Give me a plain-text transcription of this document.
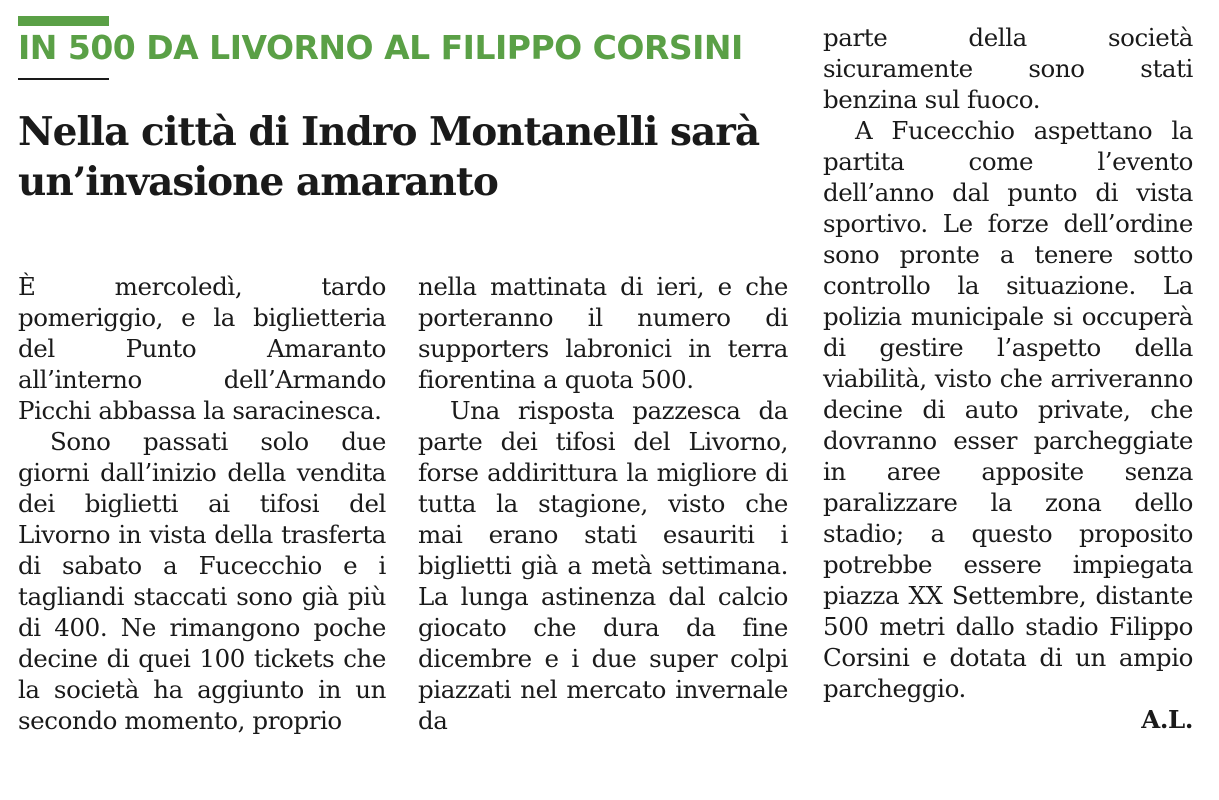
IN 500 DA LIVORNO AL FILIPPO CORSINI
Nella città di Indro Montanelli sarà un’invasione amaranto

È mercoledì, tardo pomeriggio, e la biglietteria del Punto Amaranto all’interno dell’Armando Picchi abbassa la saracinesca.

Sono passati solo due giorni dall’inizio della vendita dei biglietti ai tifosi del Livorno in vista della trasferta di sabato a Fucecchio e i tagliandi staccati sono già più di 400. Ne rimangono poche decine di quei 100 tickets che la società ha aggiunto in un secondo momento, proprio

nella mattinata di ieri, e che porteranno il numero di supporters labronici in terra fiorentina a quota 500.

Una risposta pazzesca da parte dei tifosi del Livorno, forse addirittura la migliore di tutta la stagione, visto che mai erano stati esauriti i biglietti già a metà settimana. La lunga astinenza dal calcio giocato che dura da fine dicembre e i due super colpi piazzati nel mercato invernale da

parte della società sicuramente sono stati benzina sul fuoco.

A Fucecchio aspettano la partita come l’evento dell’anno dal punto di vista sportivo. Le forze dell’ordine sono pronte a tenere sotto controllo la situazione. La polizia municipale si occuperà di gestire l’aspetto della viabilità, visto che arriveranno decine di auto private, che dovranno esser parcheggiate in aree apposite senza paralizzare la zona dello stadio; a questo proposito potrebbe essere impiegata piazza XX Settembre, distante 500 metri dallo stadio Filippo Corsini e dotata di un ampio parcheggio.

A.L.
